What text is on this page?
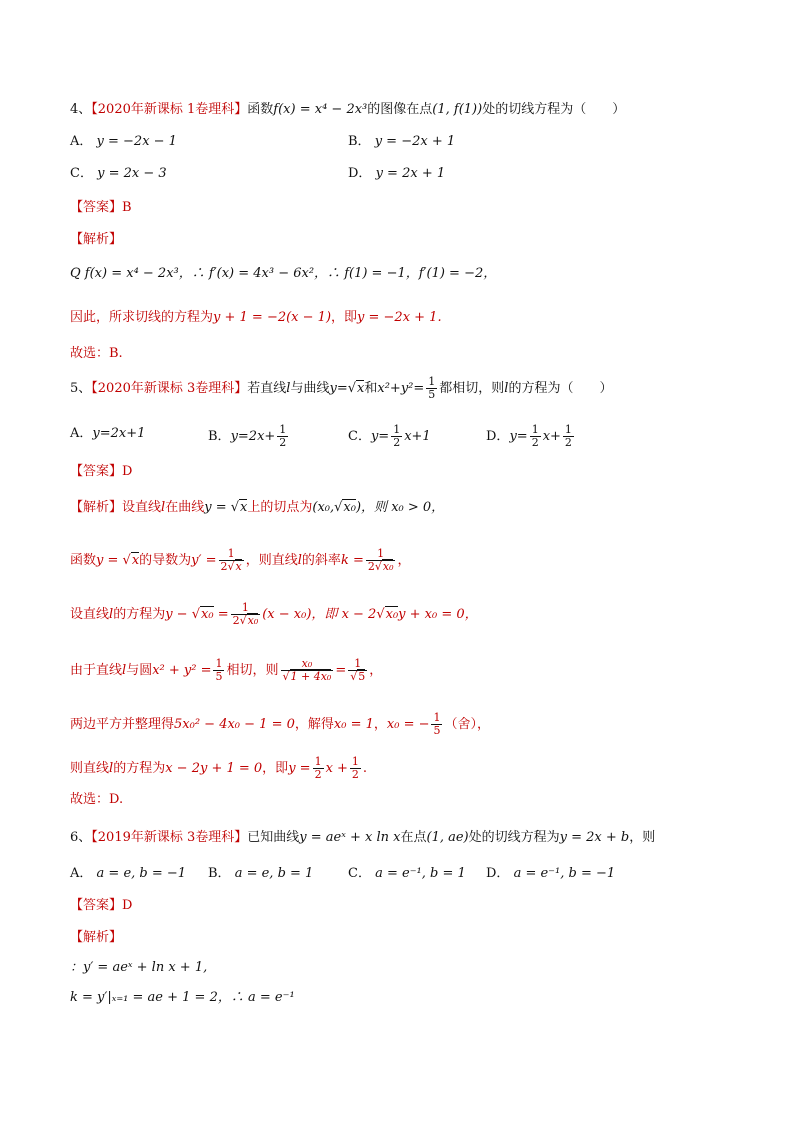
4、【2020年新课标 1卷理科】函数f(x) = x⁴ − 2x³的图像在点(1, f(1))处的切线方程为（　　）
A． y = −2x − 1	B． y = −2x + 1
C． y = 2x − 3	D． y = 2x + 1
【答案】B
【解析】
Q f(x) = x⁴ − 2x³，∴ f′(x) = 4x³ − 6x²，∴ f(1) = −1，f′(1) = −2，
因此，所求切线的方程为y + 1 = −2(x − 1)，即y = −2x + 1.
故选：B.
5、【2020年新课标 3卷理科】若直线l与曲线y=√x和$x^2+y^2= \frac{1}{5}$ 都相切，则l的方程为（　　）
A．y=2x+1	B．$y=2x+ \frac{1}{2}$	C．$y= \frac{1}{2} x+1$	D．$y= \frac{1}{2} x+ \frac{1}{2}$
【答案】D
【解析】设直线l在曲线y = √x上的切点为(x₀,√x₀)，则 x₀ > 0，
函数y = √x的导数为$y' = \frac{1}{2√x}$ ，则直线l的斜率$k = \frac{1}{\text{2√x₀}}$ ，
设直线l的方程为$y - √x_0 = \frac{1}{\text{2√x₀}} (x - x_0)$，即 x − 2√x₀y + x₀ = 0，
由于直线l与圆$x^2 + y^2 = \frac{1}{5}$ 相切，则 $\frac{\text{x₀}}{\text{√1 + 4x₀}} = \frac{1}{√5}$ ，
两边平方并整理得5x₀² − 4x₀ − 1 = 0，解得x₀ = 1，x₀ = − $\frac{1}{5}$ （舍），
则直线l的方程为x − 2y + 1 = 0，即$y = \frac{1}{2}$ $x + \frac{1}{2}$ .
故选：D.
6、【2019年新课标 3卷理科】已知曲线y = aeˣ + x ln x在点(1, ae)处的切线方程为y = 2x + b，则
A． a = e, b = −1 B． a = e, b = 1	C． a = e⁻¹, b = 1 D． a = e⁻¹, b = −1
【答案】D
【解析】
：y′ = aeˣ + ln x + 1,
k = y′|ₓ₌₁ = ae + 1 = 2，∴ a = e⁻¹
